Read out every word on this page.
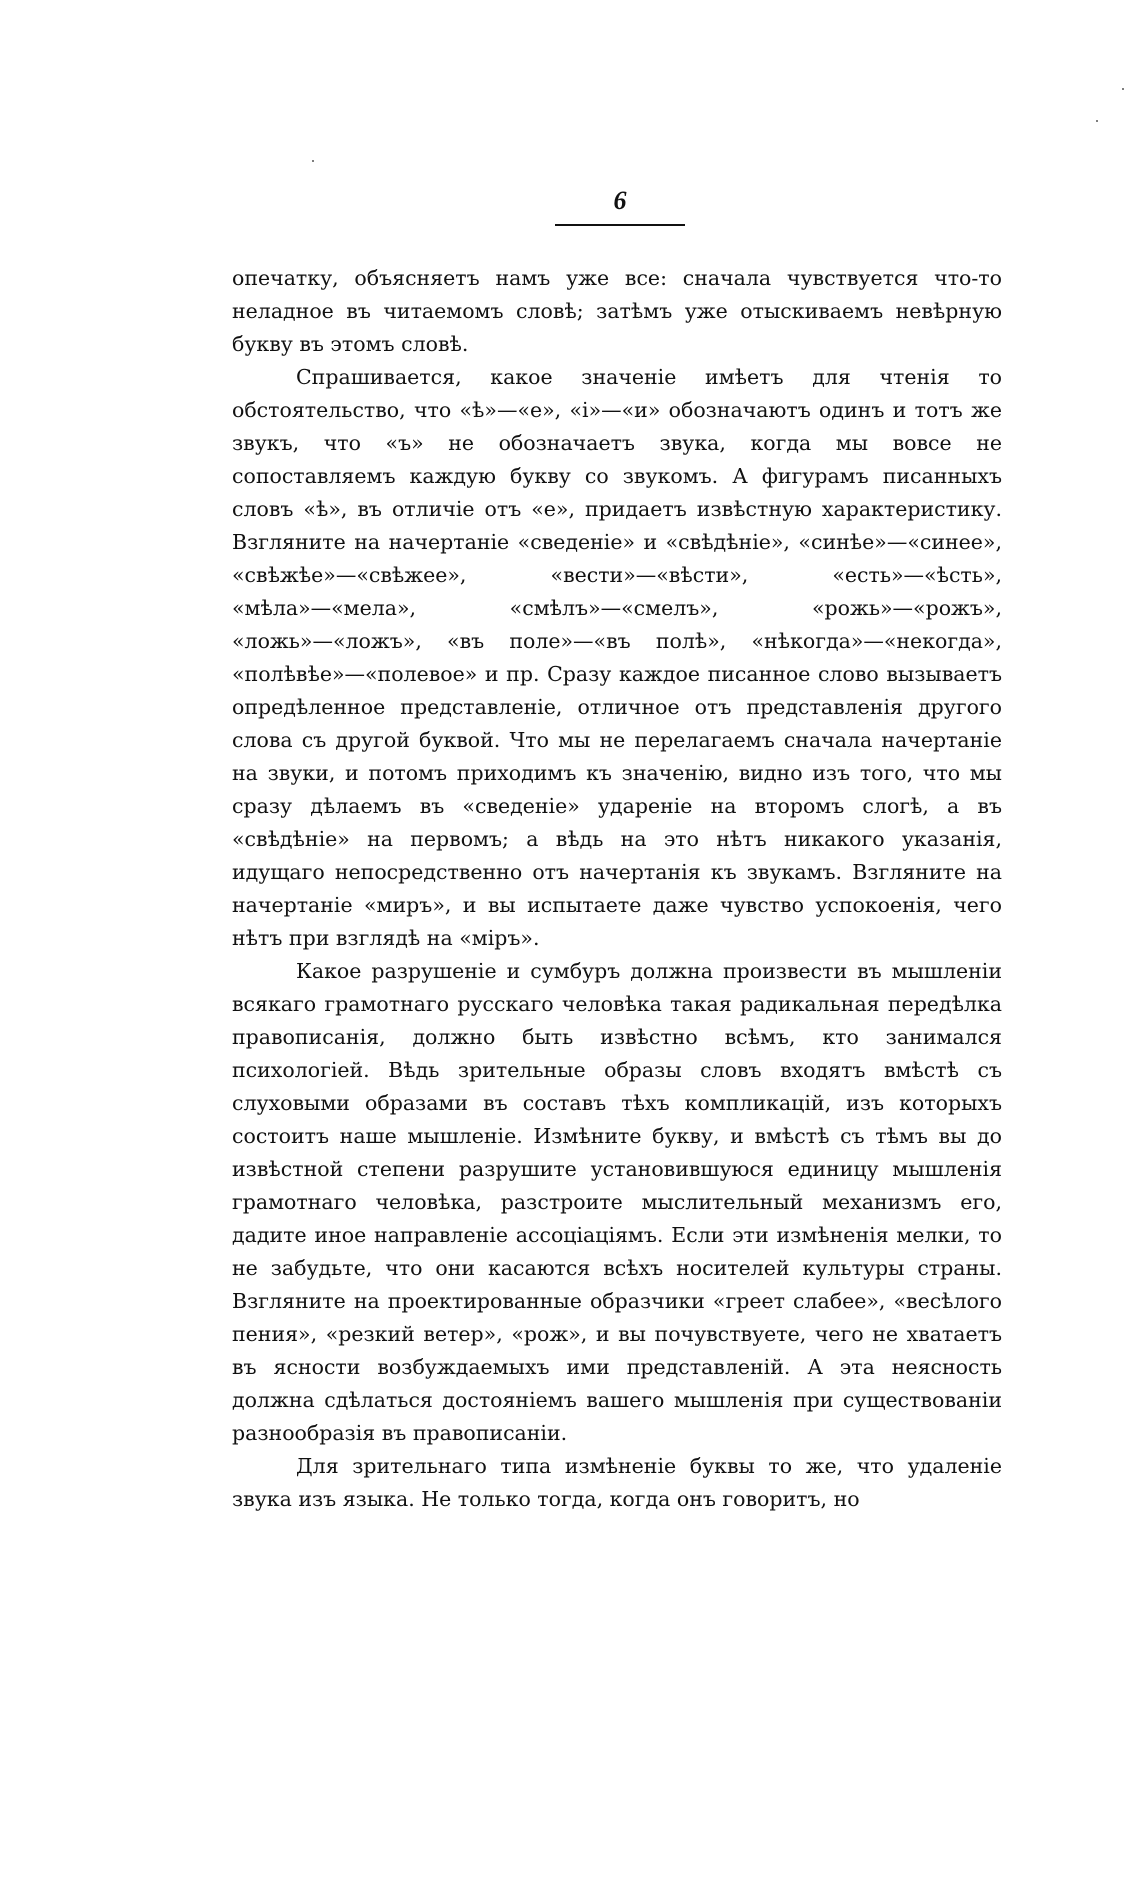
6

опечатку, объясняетъ намъ уже все: сначала чувствуется что-то неладное въ читаемомъ словѣ; затѣмъ уже отыскиваемъ невѣрную букву въ этомъ словѣ.

Спрашивается, какое значеніе имѣетъ для чтенія то обстоятельство, что «ѣ»—«е», «і»—«и» обозначаютъ одинъ и тотъ же звукъ, что «ъ» не обозначаетъ звука, когда мы вовсе не сопоставляемъ каждую букву со звукомъ. А фигурамъ писанныхъ словъ «ѣ», въ отличіе отъ «е», придаетъ извѣстную характеристику. Взгляните на начертаніе «сведеніе» и «свѣдѣніе», «синѣе»—«синее», «свѣжѣе»—«свѣжее», «вести»—«вѣсти», «есть»—«ѣсть», «мѣла»—«мела», «смѣлъ»—«смелъ», «рожь»—«рожъ», «ложь»—«ложъ», «въ поле»—«въ полѣ», «нѣкогда»—«некогда», «полѣвѣе»—«полевое» и пр. Сразу каждое писанное слово вызываетъ опредѣленное представленіе, отличное отъ представленія другого слова съ другой буквой. Что мы не перелагаемъ сначала начертаніе на звуки, и потомъ приходимъ къ значенію, видно изъ того, что мы сразу дѣлаемъ въ «сведеніе» удареніе на второмъ слогѣ, а въ «свѣдѣніе» на первомъ; а вѣдь на это нѣтъ никакого указанія, идущаго непосредственно отъ начертанія къ звукамъ. Взгляните на начертаніе «миръ», и вы испытаете даже чувство успокоенія, чего нѣтъ при взглядѣ на «міръ».

Какое разрушеніе и сумбуръ должна произвести въ мышленіи всякаго грамотнаго русскаго человѣка такая радикальная передѣлка правописанія, должно быть извѣстно всѣмъ, кто занимался психологіей. Вѣдь зрительные образы словъ входятъ вмѣстѣ съ слуховыми образами въ составъ тѣхъ компликацій, изъ которыхъ состоитъ наше мышленіе. Измѣните букву, и вмѣстѣ съ тѣмъ вы до извѣстной степени разрушите установившуюся единицу мышленія грамотнаго человѣка, разстроите мыслительный механизмъ его, дадите иное направленіе ассоціаціямъ. Если эти измѣненія мелки, то не забудьте, что они касаются всѣхъ носителей культуры страны. Взгляните на проектированные образчики «греет слабее», «весѣлого пения», «резкий ветер», «рож», и вы почувствуете, чего не хватаетъ въ ясности возбуждаемыхъ ими представленій. А эта неясность должна сдѣлаться достояніемъ вашего мышленія при существованіи разнообразія въ правописаніи.

Для зрительнаго типа измѣненіе буквы то же, что удаленіе звука изъ языка. Не только тогда, когда онъ говоритъ, но
